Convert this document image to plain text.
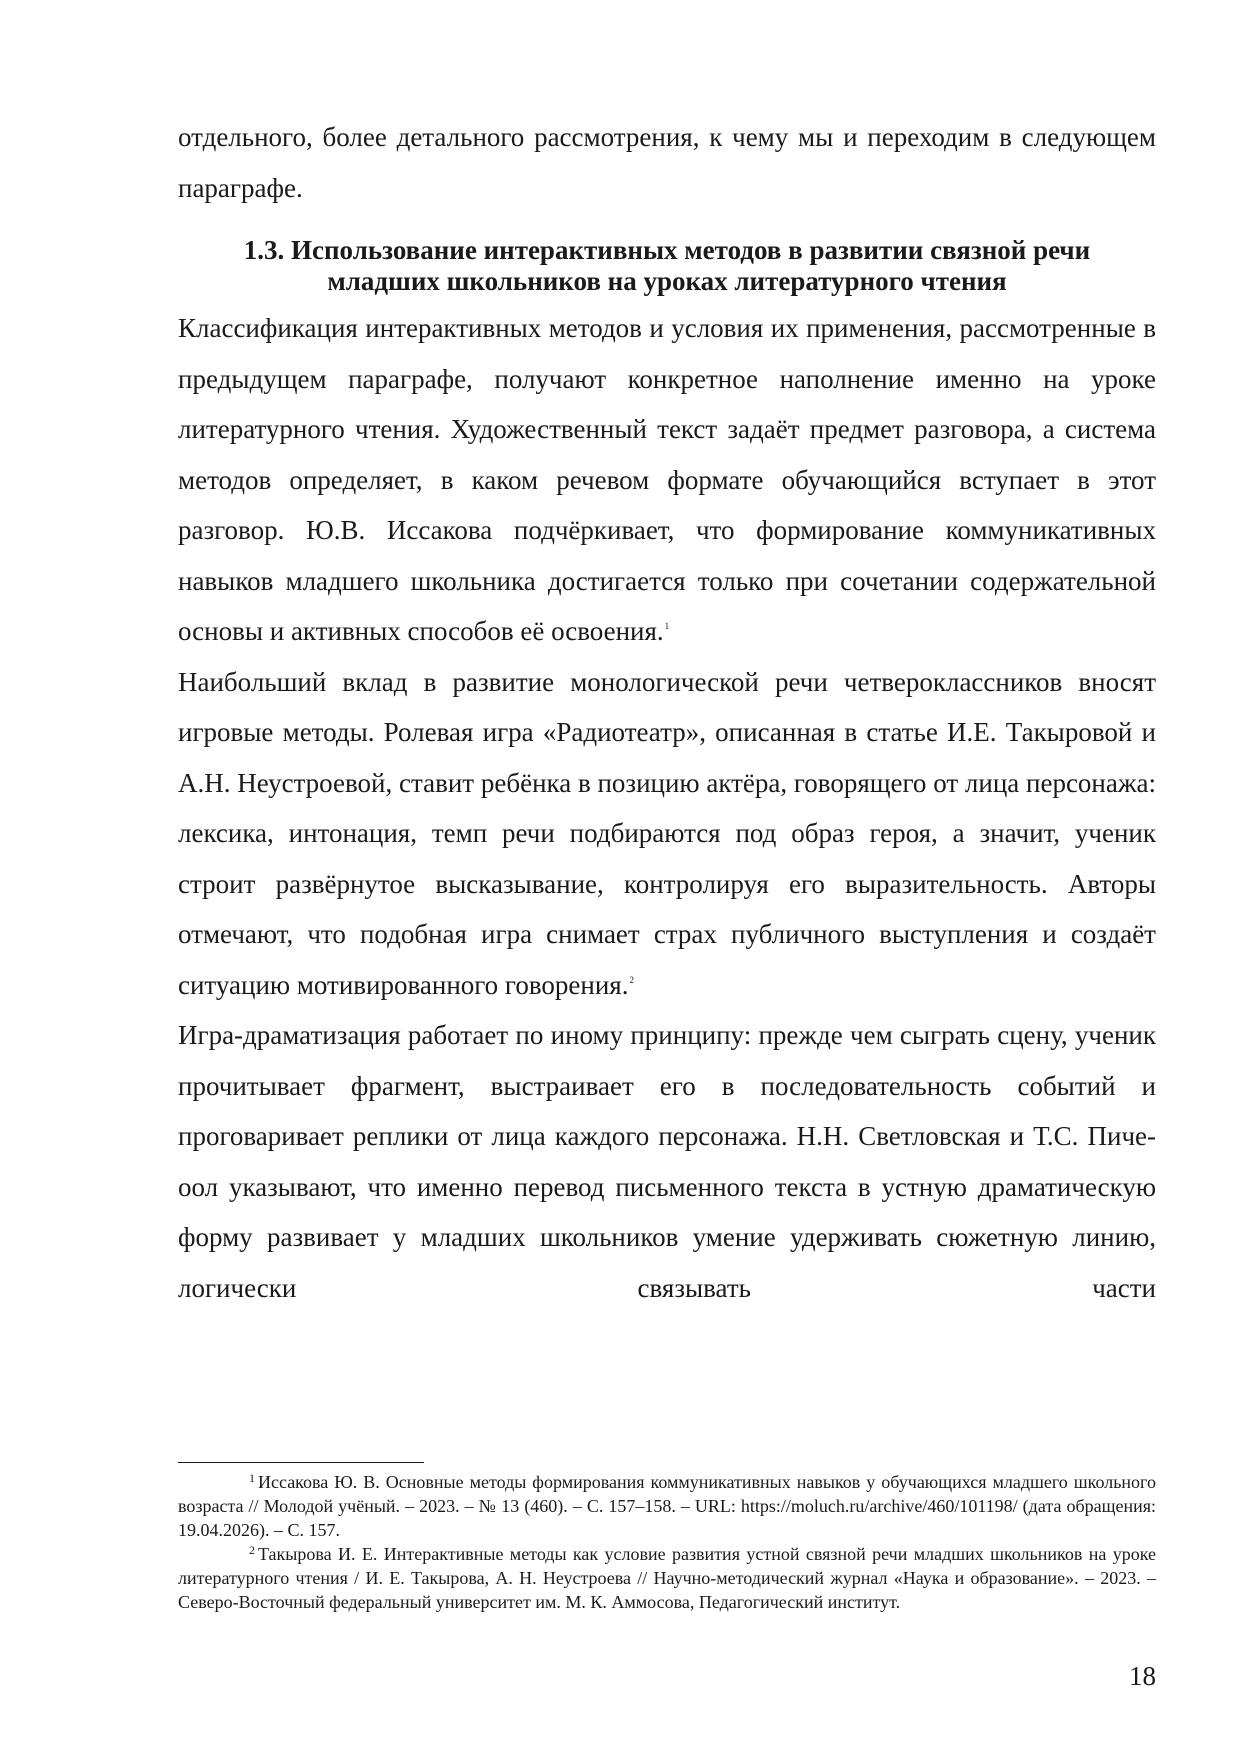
отдельного, более детального рассмотрения, к чему мы и переходим в следующем параграфе.

1.3. Использование интерактивных методов в развитии связной речи
младших школьников на уроках литературного чтения

Классификация интерактивных методов и условия их применения, рассмотренные в предыдущем параграфе, получают конкретное наполнение именно на уроке литературного чтения. Художественный текст задаёт предмет разговора, а система методов определяет, в каком речевом формате обучающийся вступает в этот разговор. Ю.В. Иссакова подчёркивает, что формирование коммуникативных навыков младшего школьника достигается только при сочетании содержательной основы и активных способов её освоения.$^1$

Наибольший вклад в развитие монологической речи четвероклассников вносят игровые методы. Ролевая игра «Радиотеатр», описанная в статье И.Е. Такыровой и А.Н. Неустроевой, ставит ребёнка в позицию актёра, говорящего от лица персонажа: лексика, интонация, темп речи подбираются под образ героя, а значит, ученик строит развёрнутое высказывание, контролируя его выразительность. Авторы отмечают, что подобная игра снимает страх публичного выступления и создаёт ситуацию мотивированного говорения.$^2$

Игра-драматизация работает по иному принципу: прежде чем сыграть сцену, ученик прочитывает фрагмент, выстраивает его в последовательность событий и проговаривает реплики от лица каждого персонажа. Н.Н. Светловская и Т.С. Пиче-оол указывают, что именно перевод письменного текста в устную драматическую форму развивает у младших школьников умение удерживать сюжетную линию, логически связывать части

$^1$ Иссакова Ю. В. Основные методы формирования коммуникативных навыков у обучающихся младшего школьного возраста // Молодой учёный. – 2023. – № 13 (460). – С. 157–158. – URL: https://moluch.ru/archive/460/101198/ (дата обращения: 19.04.2026). – С. 157.

$^2$ Такырова И. Е. Интерактивные методы как условие развития устной связной речи младших школьников на уроке литературного чтения / И. Е. Такырова, А. Н. Неустроева // Научно-методический журнал «Наука и образование». – 2023. – Северо-Восточный федеральный университет им. М. К. Аммосова, Педагогический институт.

18
